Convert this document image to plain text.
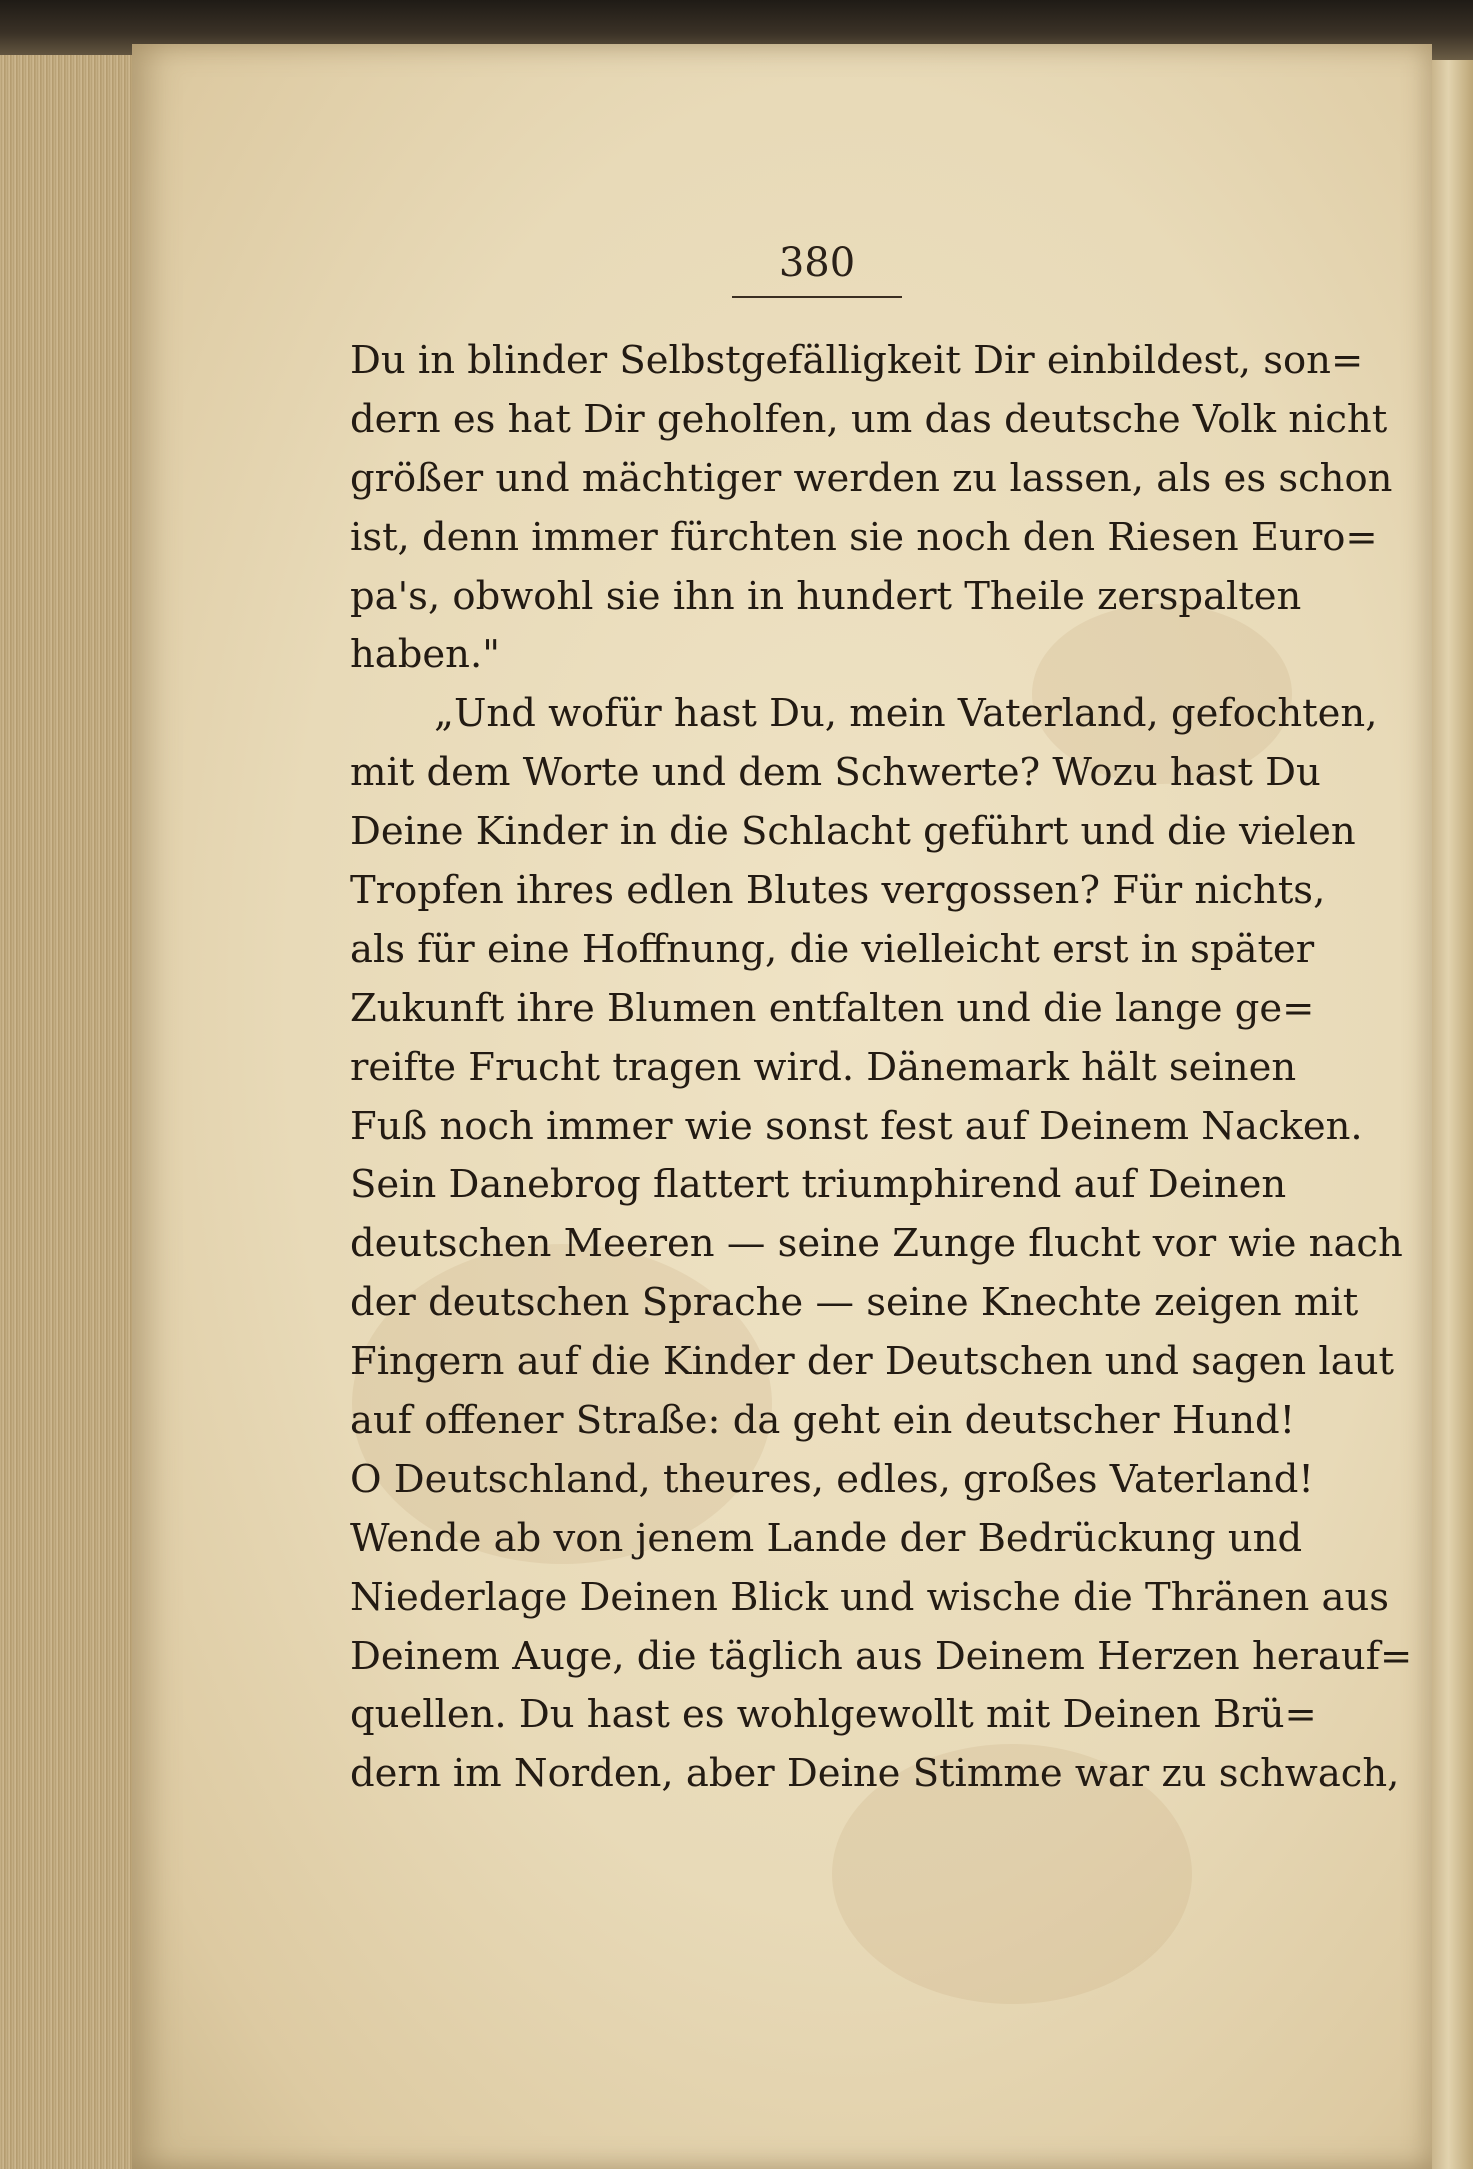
380

Du in blinder Selbstgefälligkeit Dir einbildest, son=
dern es hat Dir geholfen, um das deutsche Volk nicht
größer und mächtiger werden zu lassen, als es schon
ist, denn immer fürchten sie noch den Riesen Euro=
pa's, obwohl sie ihn in hundert Theile zerspalten
haben."
„Und wofür hast Du, mein Vaterland, gefochten,
mit dem Worte und dem Schwerte? Wozu hast Du
Deine Kinder in die Schlacht geführt und die vielen
Tropfen ihres edlen Blutes vergossen? Für nichts,
als für eine Hoffnung, die vielleicht erst in später
Zukunft ihre Blumen entfalten und die lange ge=
reifte Frucht tragen wird. Dänemark hält seinen
Fuß noch immer wie sonst fest auf Deinem Nacken.
Sein Danebrog flattert triumphirend auf Deinen
deutschen Meeren — seine Zunge flucht vor wie nach
der deutschen Sprache — seine Knechte zeigen mit
Fingern auf die Kinder der Deutschen und sagen laut
auf offener Straße: da geht ein deutscher Hund!
O Deutschland, theures, edles, großes Vaterland!
Wende ab von jenem Lande der Bedrückung und
Niederlage Deinen Blick und wische die Thränen aus
Deinem Auge, die täglich aus Deinem Herzen herauf=
quellen. Du hast es wohlgewollt mit Deinen Brü=
dern im Norden, aber Deine Stimme war zu schwach,
